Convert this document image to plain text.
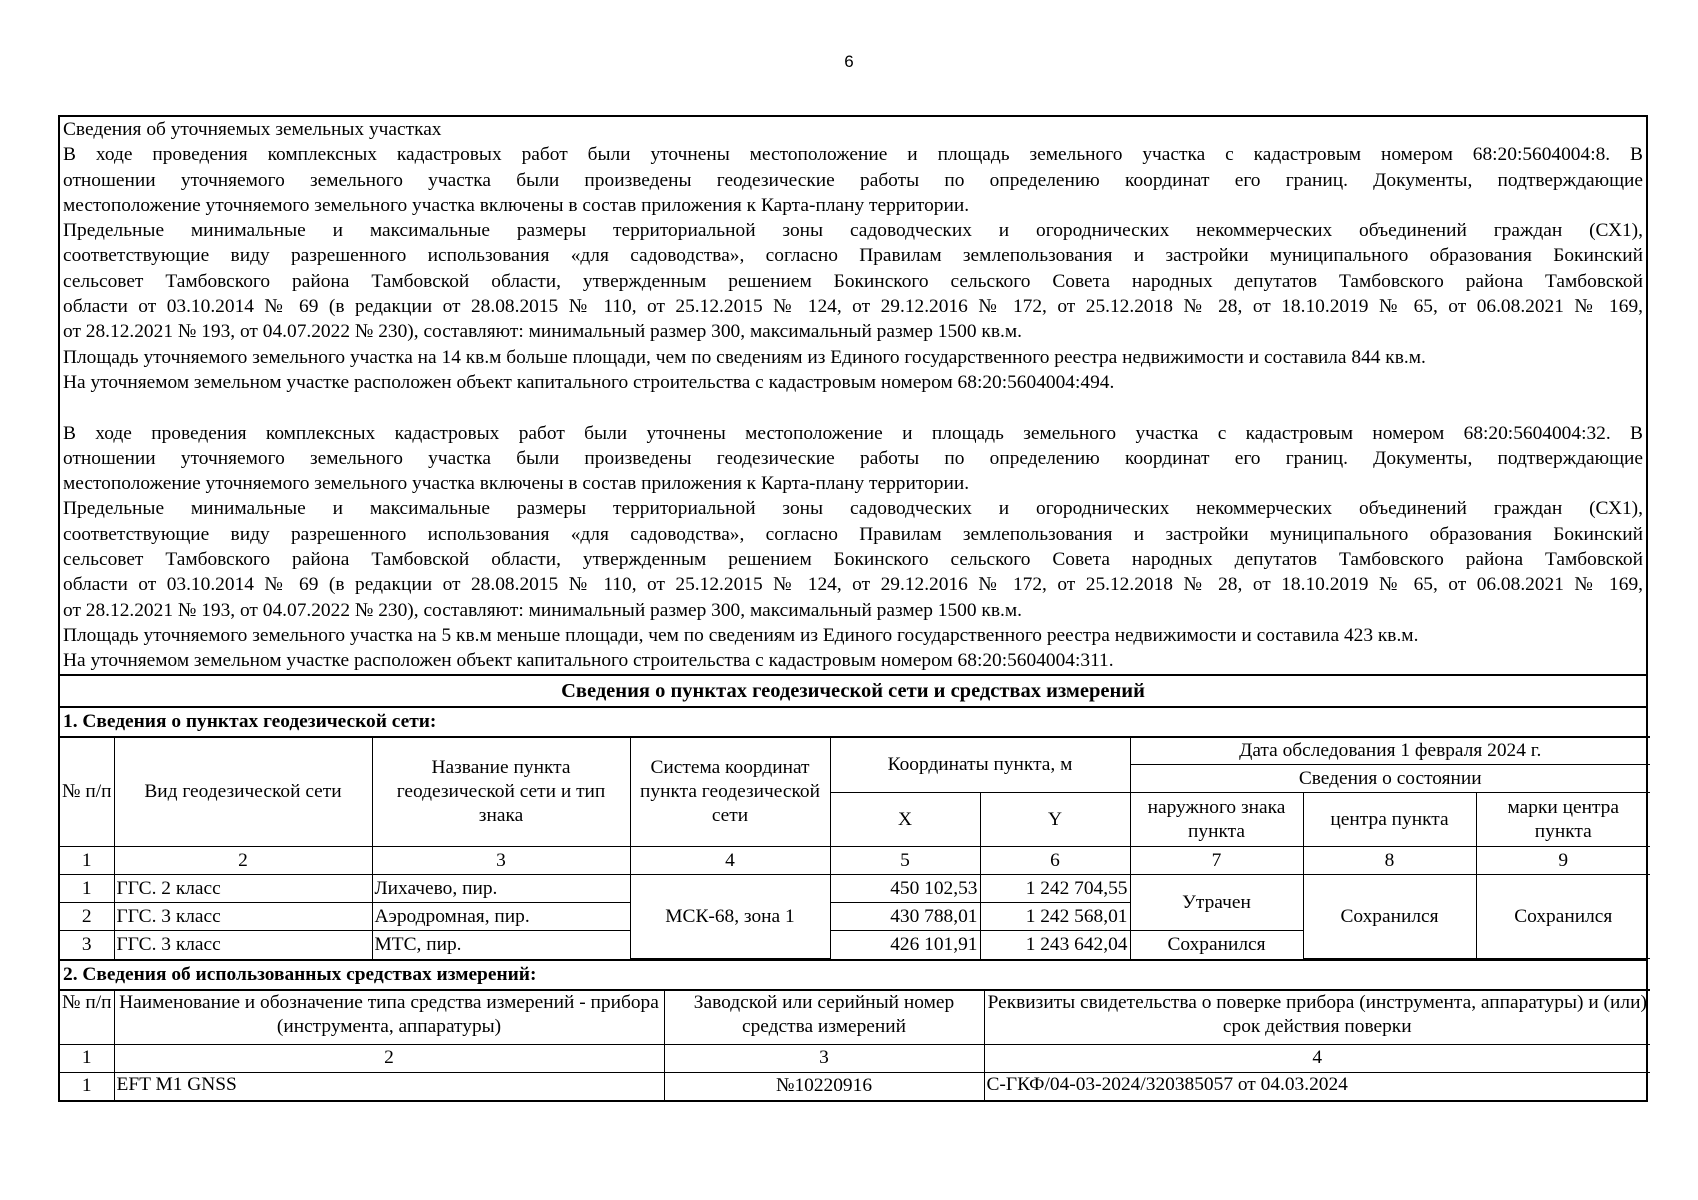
6
Сведения об уточняемых земельных участках
В ходе проведения комплексных кадастровых работ были уточнены местоположение и площадь земельного участка с кадастровым номером 68:20:5604004:8. В
отношении уточняемого земельного участка были произведены геодезические работы по определению координат его границ. Документы, подтверждающие
местоположение уточняемого земельного участка включены в состав приложения к Карта-плану территории.
Предельные минимальные и максимальные размеры территориальной зоны садоводческих и огороднических некоммерческих объединений граждан (СХ1),
соответствующие виду разрешенного использования «для садоводства», согласно Правилам землепользования и застройки муниципального образования Бокинский
сельсовет Тамбовского района Тамбовской области, утвержденным решением Бокинского сельского Совета народных депутатов Тамбовского района Тамбовской
области от 03.10.2014 № 69 (в редакции от 28.08.2015 № 110, от 25.12.2015 № 124, от 29.12.2016 № 172, от 25.12.2018 № 28, от 18.10.2019 № 65, от 06.08.2021 № 169,
от 28.12.2021 № 193, от 04.07.2022 № 230), составляют: минимальный размер 300, максимальный размер 1500 кв.м.
Площадь уточняемого земельного участка на 14 кв.м больше площади, чем по сведениям из Единого государственного реестра недвижимости и составила 844 кв.м.
На уточняемом земельном участке расположен объект капитального строительства с кадастровым номером 68:20:5604004:494.
В ходе проведения комплексных кадастровых работ были уточнены местоположение и площадь земельного участка с кадастровым номером 68:20:5604004:32. В
отношении уточняемого земельного участка были произведены геодезические работы по определению координат его границ. Документы, подтверждающие
местоположение уточняемого земельного участка включены в состав приложения к Карта-плану территории.
Предельные минимальные и максимальные размеры территориальной зоны садоводческих и огороднических некоммерческих объединений граждан (СХ1),
соответствующие виду разрешенного использования «для садоводства», согласно Правилам землепользования и застройки муниципального образования Бокинский
сельсовет Тамбовского района Тамбовской области, утвержденным решением Бокинского сельского Совета народных депутатов Тамбовского района Тамбовской
области от 03.10.2014 № 69 (в редакции от 28.08.2015 № 110, от 25.12.2015 № 124, от 29.12.2016 № 172, от 25.12.2018 № 28, от 18.10.2019 № 65, от 06.08.2021 № 169,
от 28.12.2021 № 193, от 04.07.2022 № 230), составляют: минимальный размер 300, максимальный размер 1500 кв.м.
Площадь уточняемого земельного участка на 5 кв.м меньше площади, чем по сведениям из Единого государственного реестра недвижимости и составила 423 кв.м.
На уточняемом земельном участке расположен объект капитального строительства с кадастровым номером 68:20:5604004:311.
Сведения о пунктах геодезической сети и средствах измерений
1. Сведения о пунктах геодезической сети:
№ п/п	Вид геодезической сети	Название пункта геодезической сети и тип знака	Система координат пункта геодезической сети	Координаты пункта, м		Дата обследования 1 февраля 2024 г.		
						Сведения о состоянии		
				X	Y	наружного знака пункта	центра пункта	марки центра пункта
1	2	3	4	5	6	7	8	9
1	ГГС. 2 класс	Лихачево, пир.	МСК-68, зона 1	450 102,53	1 242 704,55	Утрачен	Сохранился	Сохранился
2	ГГС. 3 класс	Аэродромная, пир.		430 788,01	1 242 568,01			
3	ГГС. 3 класс	МТС, пир.		426 101,91	1 243 642,04	Сохранился		
2. Сведения об использованных средствах измерений:
№ п/п	Наименование и обозначение типа средства измерений - прибора (инструмента, аппаратуры)	Заводской или серийный номер средства измерений	Реквизиты свидетельства о поверке прибора (инструмента, аппаратуры) и (или) срок действия поверки
1	2	3	4
1	EFT M1 GNSS	№10220916	С-ГКФ/04-03-2024/320385057 от 04.03.2024
